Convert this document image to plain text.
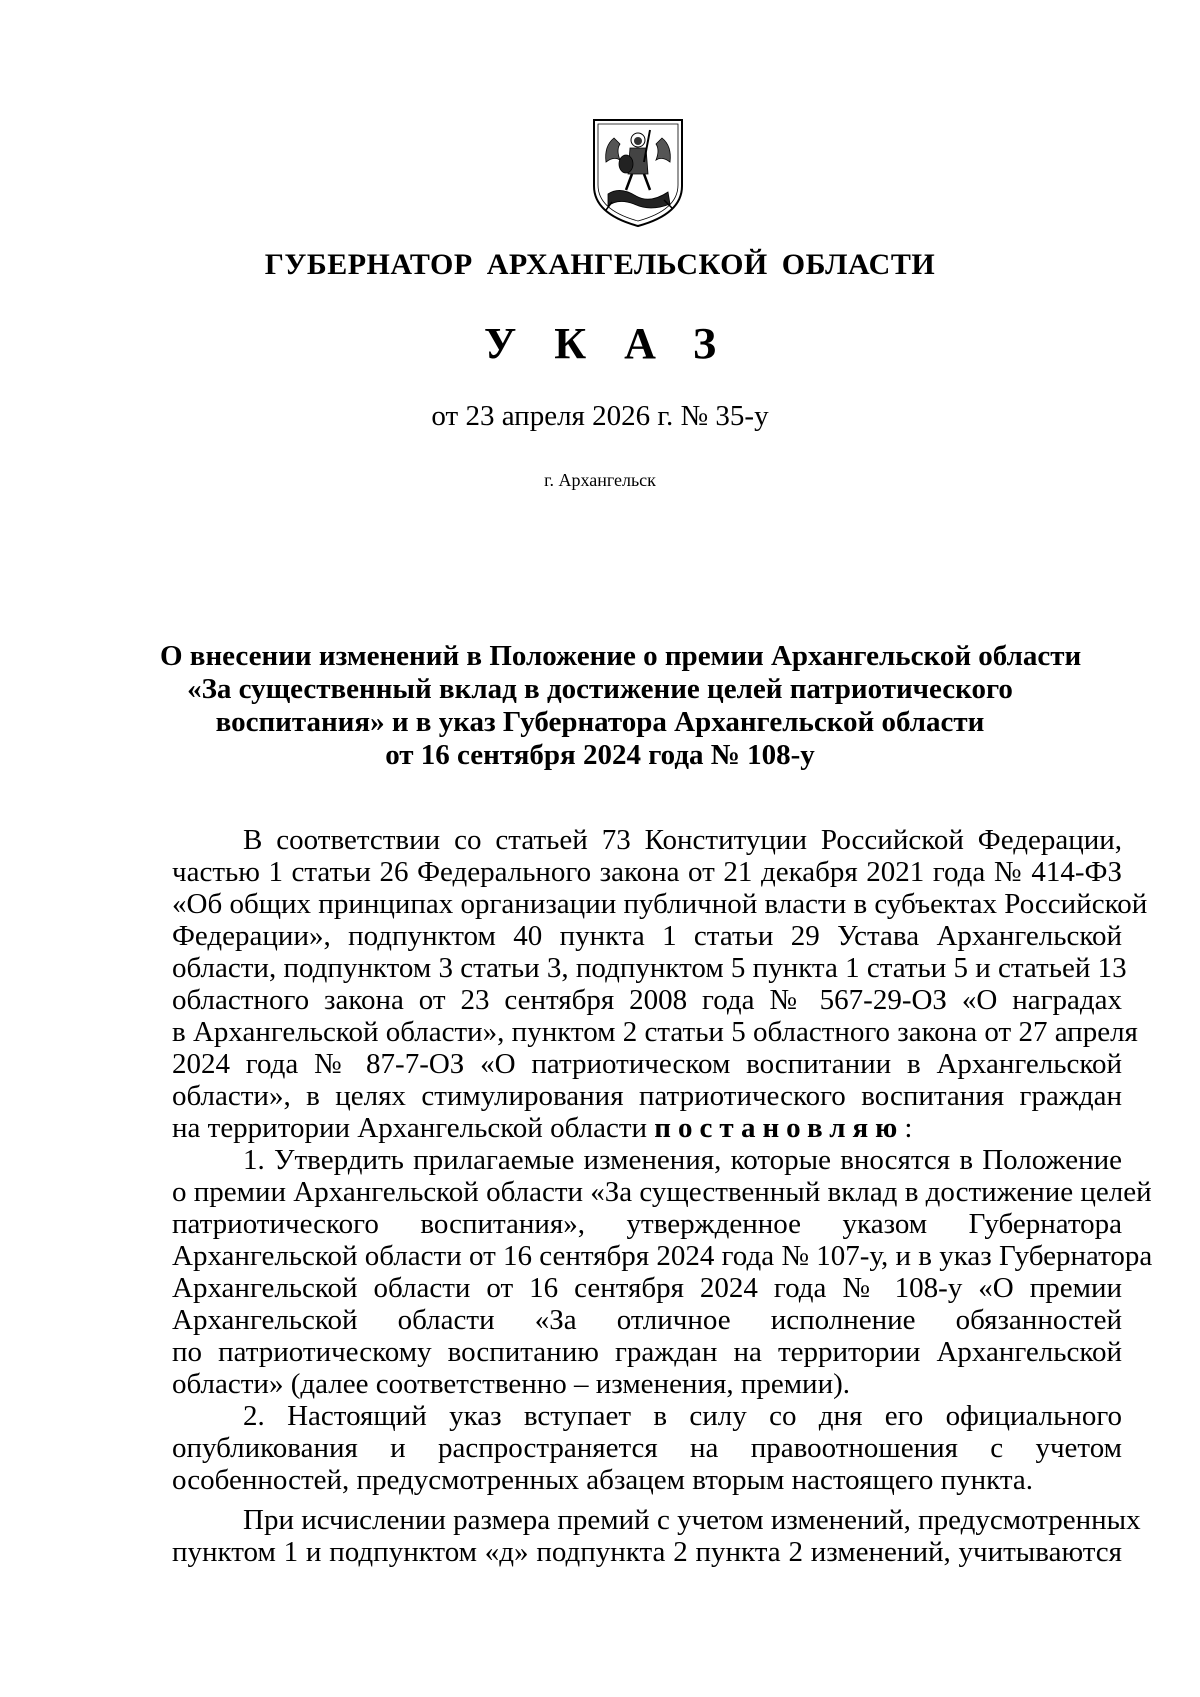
ГУБЕРНАТОР АРХАНГЕЛЬСКОЙ ОБЛАСТИ
УКАЗ
от 23 апреля 2026 г. № 35-у
г. Архангельск
О внесении изменений в Положение о премии Архангельской области
«За существенный вклад в достижение целей патриотического
воспитания» и в указ Губернатора Архангельской области
от 16 сентября 2024 года № 108-у
В соответствии со статьей 73 Конституции Российской Федерации,
частью 1 статьи 26 Федерального закона от 21 декабря 2021 года № 414-ФЗ
«Об общих принципах организации публичной власти в субъектах Российской
Федерации», подпунктом 40 пункта 1 статьи 29 Устава Архангельской
области, подпунктом 3 статьи 3, подпунктом 5 пункта 1 статьи 5 и статьей 13
областного закона от 23 сентября 2008 года № 567-29-ОЗ «О наградах
в Архангельской области», пунктом 2 статьи 5 областного закона от 27 апреля
2024 года № 87-7-ОЗ «О патриотическом воспитании в Архангельской
области», в целях стимулирования патриотического воспитания граждан
на территории Архангельской области постановляю:
1. Утвердить прилагаемые изменения, которые вносятся в Положение
о премии Архангельской области «За существенный вклад в достижение целей
патриотического воспитания», утвержденное указом Губернатора
Архангельской области от 16 сентября 2024 года № 107-у, и в указ Губернатора
Архангельской области от 16 сентября 2024 года № 108-у «О премии
Архангельской области «За отличное исполнение обязанностей
по патриотическому воспитанию граждан на территории Архангельской
области» (далее соответственно – изменения, премии).
2. Настоящий указ вступает в силу со дня его официального
опубликования и распространяется на правоотношения с учетом
особенностей, предусмотренных абзацем вторым настоящего пункта.
При исчислении размера премий с учетом изменений, предусмотренных
пунктом 1 и подпунктом «д» подпункта 2 пункта 2 изменений, учитываются
